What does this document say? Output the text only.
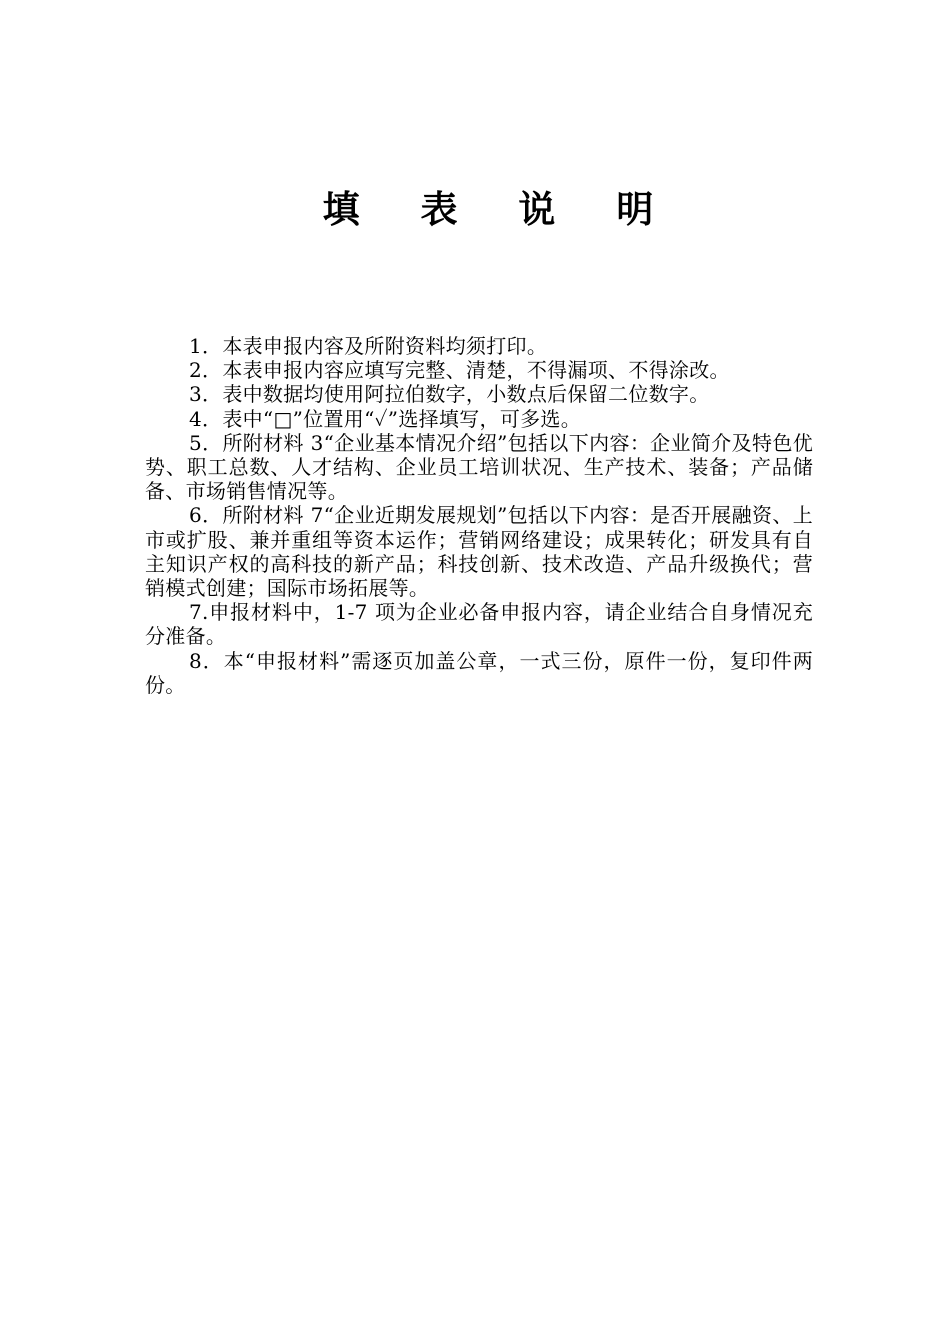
填 表 说 明

1．本表申报内容及所附资料均须打印。

2．本表申报内容应填写完整、清楚，不得漏项、不得涂改。

3．表中数据均使用阿拉伯数字，小数点后保留二位数字。

4．表中“□”位置用“✓”选择填写，可多选。

5．所附材料 3“企业基本情况介绍”包括以下内容：企业简介及特色优势、职工总数、人才结构、企业员工培训状况、生产技术、装备；产品储备、市场销售情况等。

6．所附材料 7“企业近期发展规划”包括以下内容：是否开展融资、上市或扩股、兼并重组等资本运作；营销网络建设；成果转化；研发具有自主知识产权的高科技的新产品；科技创新、技术改造、产品升级换代；营销模式创建；国际市场拓展等。

7.申报材料中，1-7 项为企业必备申报内容，请企业结合自身情况充分准备。

8．本“申报材料”需逐页加盖公章，一式三份，原件一份，复印件两份。
